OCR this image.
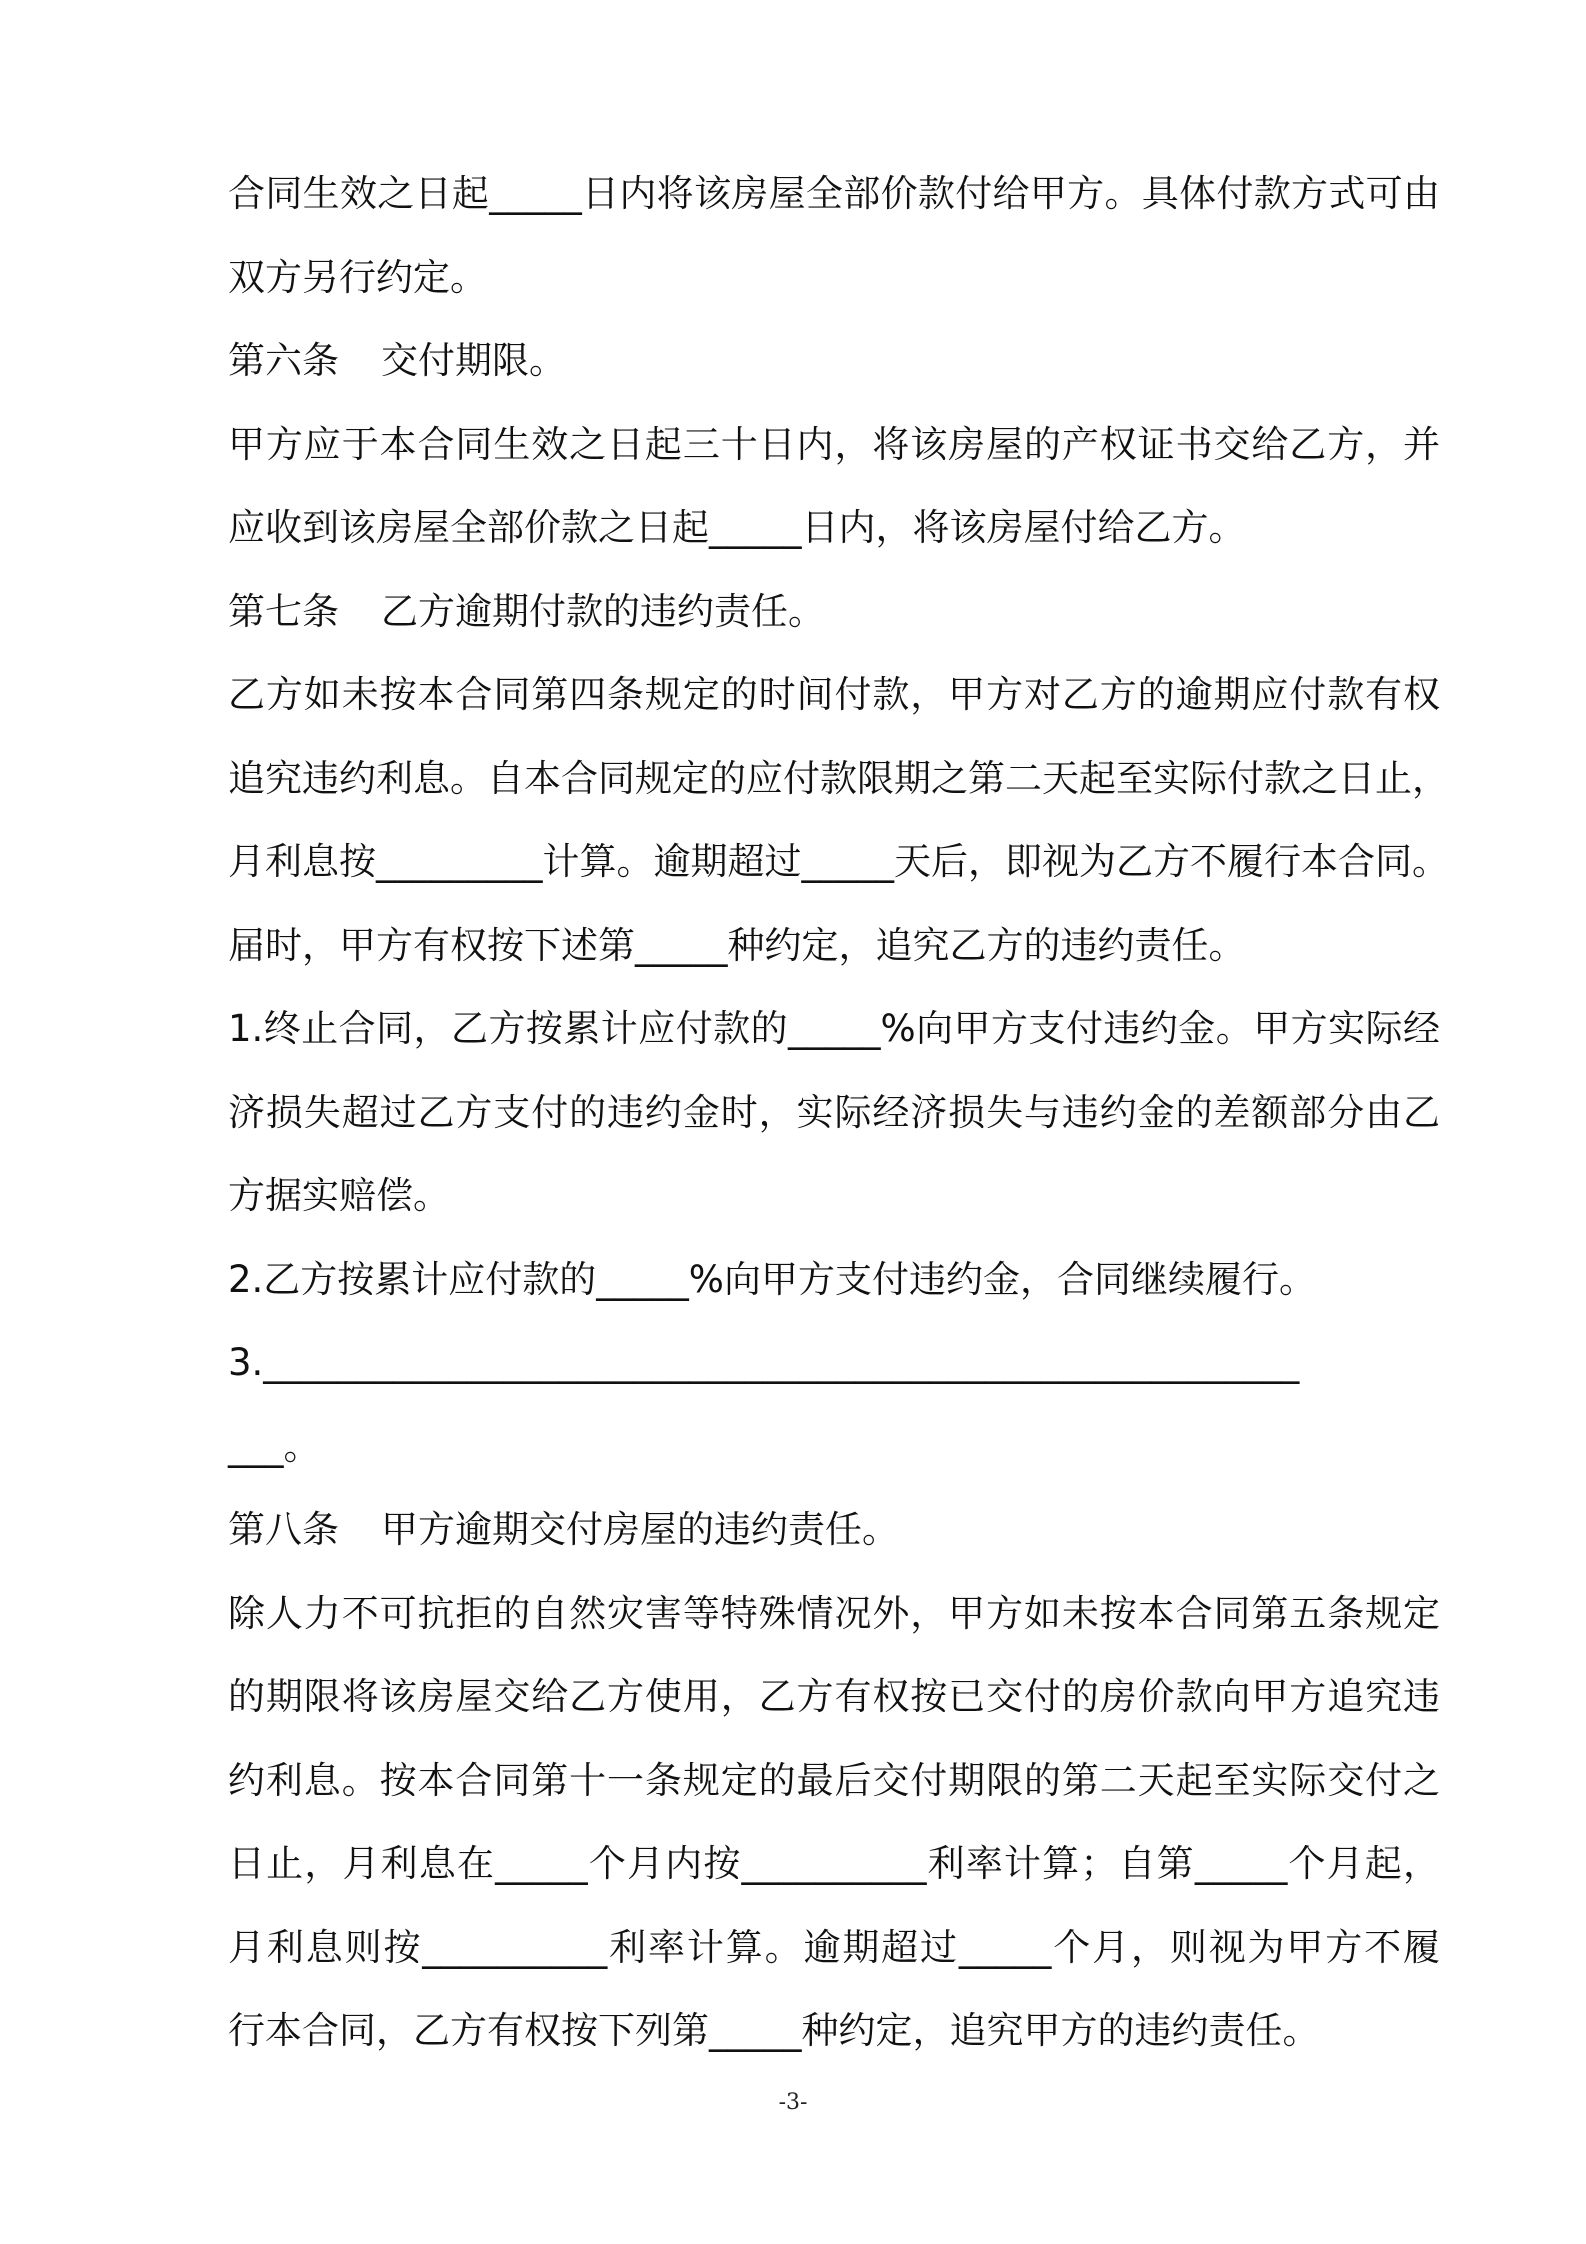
合同生效之日起_____日内将该房屋全部价款付给甲方。具体付款方式可由
双方另行约定。
第六条 交付期限。
甲方应于本合同生效之日起三十日内，将该房屋的产权证书交给乙方，并
应收到该房屋全部价款之日起_____日内，将该房屋付给乙方。
第七条 乙方逾期付款的违约责任。
乙方如未按本合同第四条规定的时间付款，甲方对乙方的逾期应付款有权
追究违约利息。自本合同规定的应付款限期之第二天起至实际付款之日止，
月利息按_________计算。逾期超过_____天后，即视为乙方不履行本合同。
届时，甲方有权按下述第_____种约定，追究乙方的违约责任。
1.终止合同，乙方按累计应付款的_____%向甲方支付违约金。甲方实际经
济损失超过乙方支付的违约金时，实际经济损失与违约金的差额部分由乙
方据实赔偿。
2.乙方按累计应付款的_____%向甲方支付违约金，合同继续履行。
3.________________________________________________________
___。
第八条 甲方逾期交付房屋的违约责任。
除人力不可抗拒的自然灾害等特殊情况外，甲方如未按本合同第五条规定
的期限将该房屋交给乙方使用，乙方有权按已交付的房价款向甲方追究违
约利息。按本合同第十一条规定的最后交付期限的第二天起至实际交付之
日止，月利息在_____个月内按__________利率计算；自第_____个月起，
月利息则按__________利率计算。逾期超过_____个月，则视为甲方不履
行本合同，乙方有权按下列第_____种约定，追究甲方的违约责任。
-3-
